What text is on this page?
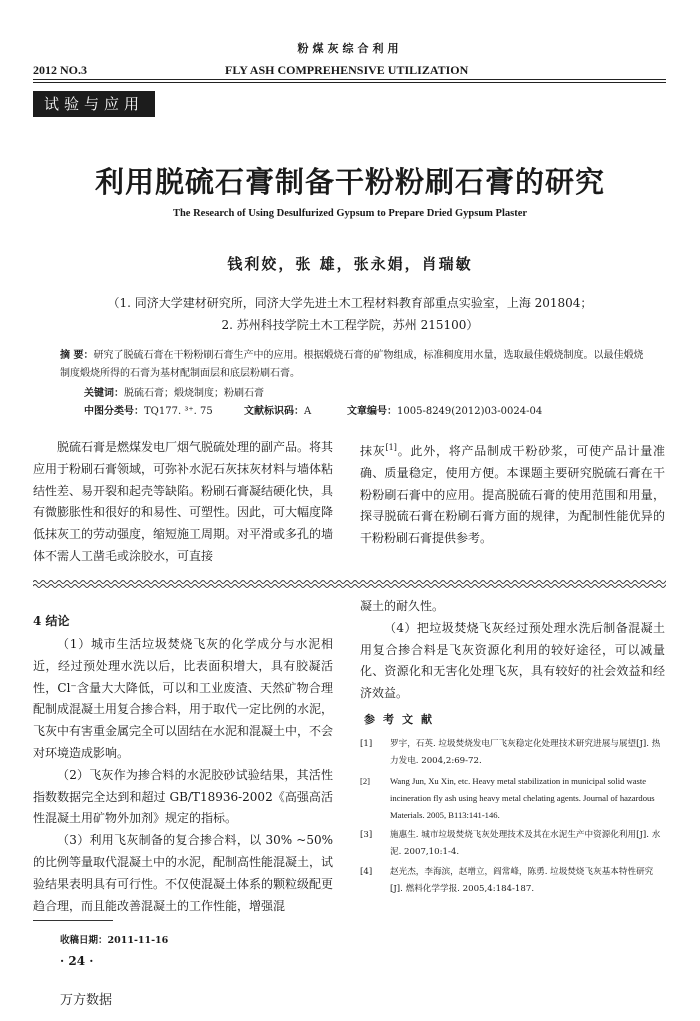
粉煤灰综合利用
2012 NO.3	FLY ASH COMPREHENSIVE UTILIZATION
试验与应用
利用脱硫石膏制备干粉粉刷石膏的研究
The Research of Using Desulfurized Gypsum to Prepare Dried Gypsum Plaster
钱利姣，张 雄，张永娟，肖瑞敏
（1. 同济大学建材研究所，同济大学先进土木工程材料教育部重点实验室，上海 201804；
2. 苏州科技学院土木工程学院，苏州 215100）
摘 要：研究了脱硫石膏在干粉粉刷石膏生产中的应用。根据煅烧石膏的矿物组成，标准稠度用水量，选取最佳煅烧制度。以最佳煅烧制度煅烧所得的石膏为基材配制面层和底层粉刷石膏。
关键词：脱硫石膏；煅烧制度；粉刷石膏
中图分类号：TQ177. ³⁺. 75	文献标识码：A	文章编号：1005-8249(2012)03-0024-04
脱硫石膏是燃煤发电厂烟气脱硫处理的副产品。将其应用于粉刷石膏领域，可弥补水泥石灰抹灰材料与墙体粘结性差、易开裂和起壳等缺陷。粉刷石膏凝结硬化快，具有微膨胀性和很好的和易性、可塑性。因此，可大幅度降低抹灰工的劳动强度，缩短施工周期。对平滑或多孔的墙体不需人工凿毛或涂胶水，可直接
抹灰[1]。此外，将产品制成干粉砂浆，可使产品计量准确、质量稳定，使用方便。本课题主要研究脱硫石膏在干粉粉刷石膏中的应用。提高脱硫石膏的使用范围和用量，探寻脱硫石膏在粉刷石膏方面的规律，为配制性能优异的干粉粉刷石膏提供参考。
4 结论

（1）城市生活垃圾焚烧飞灰的化学成分与水泥相近，经过预处理水洗以后，比表面积增大，具有胶凝活性，Cl⁻含量大大降低，可以和工业废渣、天然矿物合理配制成混凝土用复合掺合料，用于取代一定比例的水泥，飞灰中有害重金属完全可以固结在水泥和混凝土中，不会对环境造成影响。

（2）飞灰作为掺合料的水泥胶砂试验结果，其活性指数数据完全达到和超过 GB/T18936-2002《高强高活性混凝土用矿物外加剂》规定的指标。

（3）利用飞灰制备的复合掺合料，以 30% ~50% 的比例等量取代混凝土中的水泥，配制高性能混凝土，试验结果表明具有可行性。不仅使混凝土体系的颗粒级配更趋合理，而且能改善混凝土的工作性能，增强混

凝土的耐久性。

（4）把垃圾焚烧飞灰经过预处理水洗后制备混凝土用复合掺合料是飞灰资源化利用的较好途径，可以减量化、资源化和无害化处理飞灰，具有较好的社会效益和经济效益。

参考文献
[1] 罗宇，石英. 垃圾焚烧发电厂飞灰稳定化处理技术研究进展与展望[J]. 热力发电. 2004,2:69-72.
[2] Wang Jun, Xu Xin, etc. Heavy metal stabilization in municipal solid waste incineration fly ash using heavy metal chelating agents. Journal of hazardous Materials. 2005, B113:141-146.
[3] 施惠生. 城市垃圾焚烧飞灰处理技术及其在水泥生产中资源化利用[J]. 水泥. 2007,10:1-4.
[4] 赵光杰，李海滨，赵增立，阎常峰，陈勇. 垃圾焚烧飞灰基本特性研究[J]. 燃料化学学报. 2005,4:184-187.
收稿日期：2011-11-16
· 24 ·
万方数据
